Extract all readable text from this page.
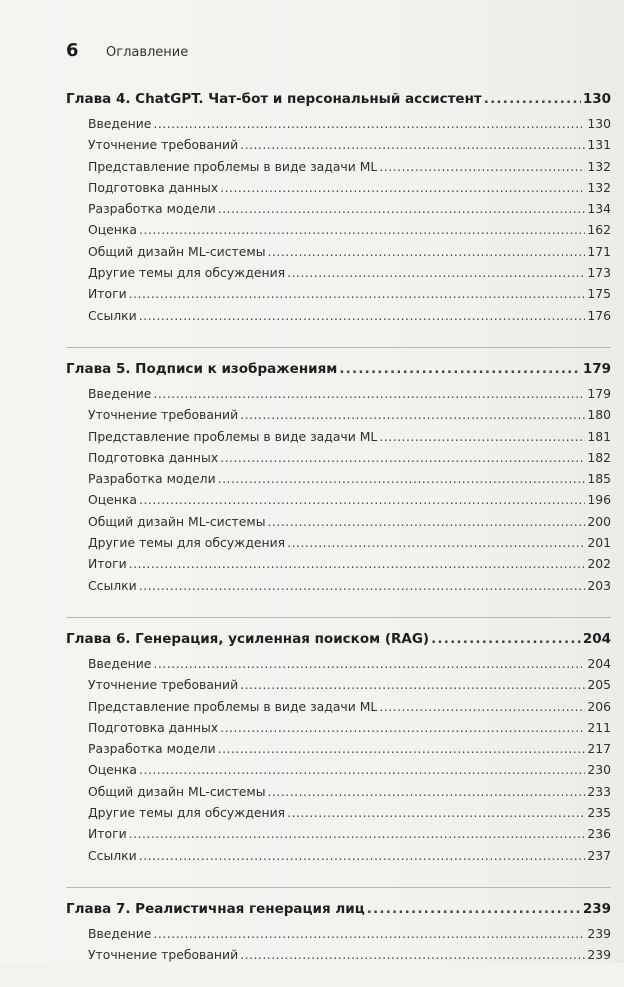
6	Оглавление
Глава 4. ChatGPT. Чат-бот и персональный ассистент .....	130
Введение .....	130
Уточнение требований .....	131
Представление проблемы в виде задачи ML .....	132
Подготовка данных .....	132
Разработка модели .....	134
Оценка .....	162
Общий дизайн ML-системы .....	171
Другие темы для обсуждения .....	173
Итоги .....	175
Ссылки .....	176
Глава 5. Подписи к изображениям .....	179
Введение .....	179
Уточнение требований .....	180
Представление проблемы в виде задачи ML .....	181
Подготовка данных .....	182
Разработка модели .....	185
Оценка .....	196
Общий дизайн ML-системы .....	200
Другие темы для обсуждения .....	201
Итоги .....	202
Ссылки .....	203
Глава 6. Генерация, усиленная поиском (RAG) .....	204
Введение .....	204
Уточнение требований .....	205
Представление проблемы в виде задачи ML .....	206
Подготовка данных .....	211
Разработка модели .....	217
Оценка .....	230
Общий дизайн ML-системы .....	233
Другие темы для обсуждения .....	235
Итоги .....	236
Ссылки .....	237
Глава 7. Реалистичная генерация лиц .....	239
Введение .....	239
Уточнение требований .....	239
